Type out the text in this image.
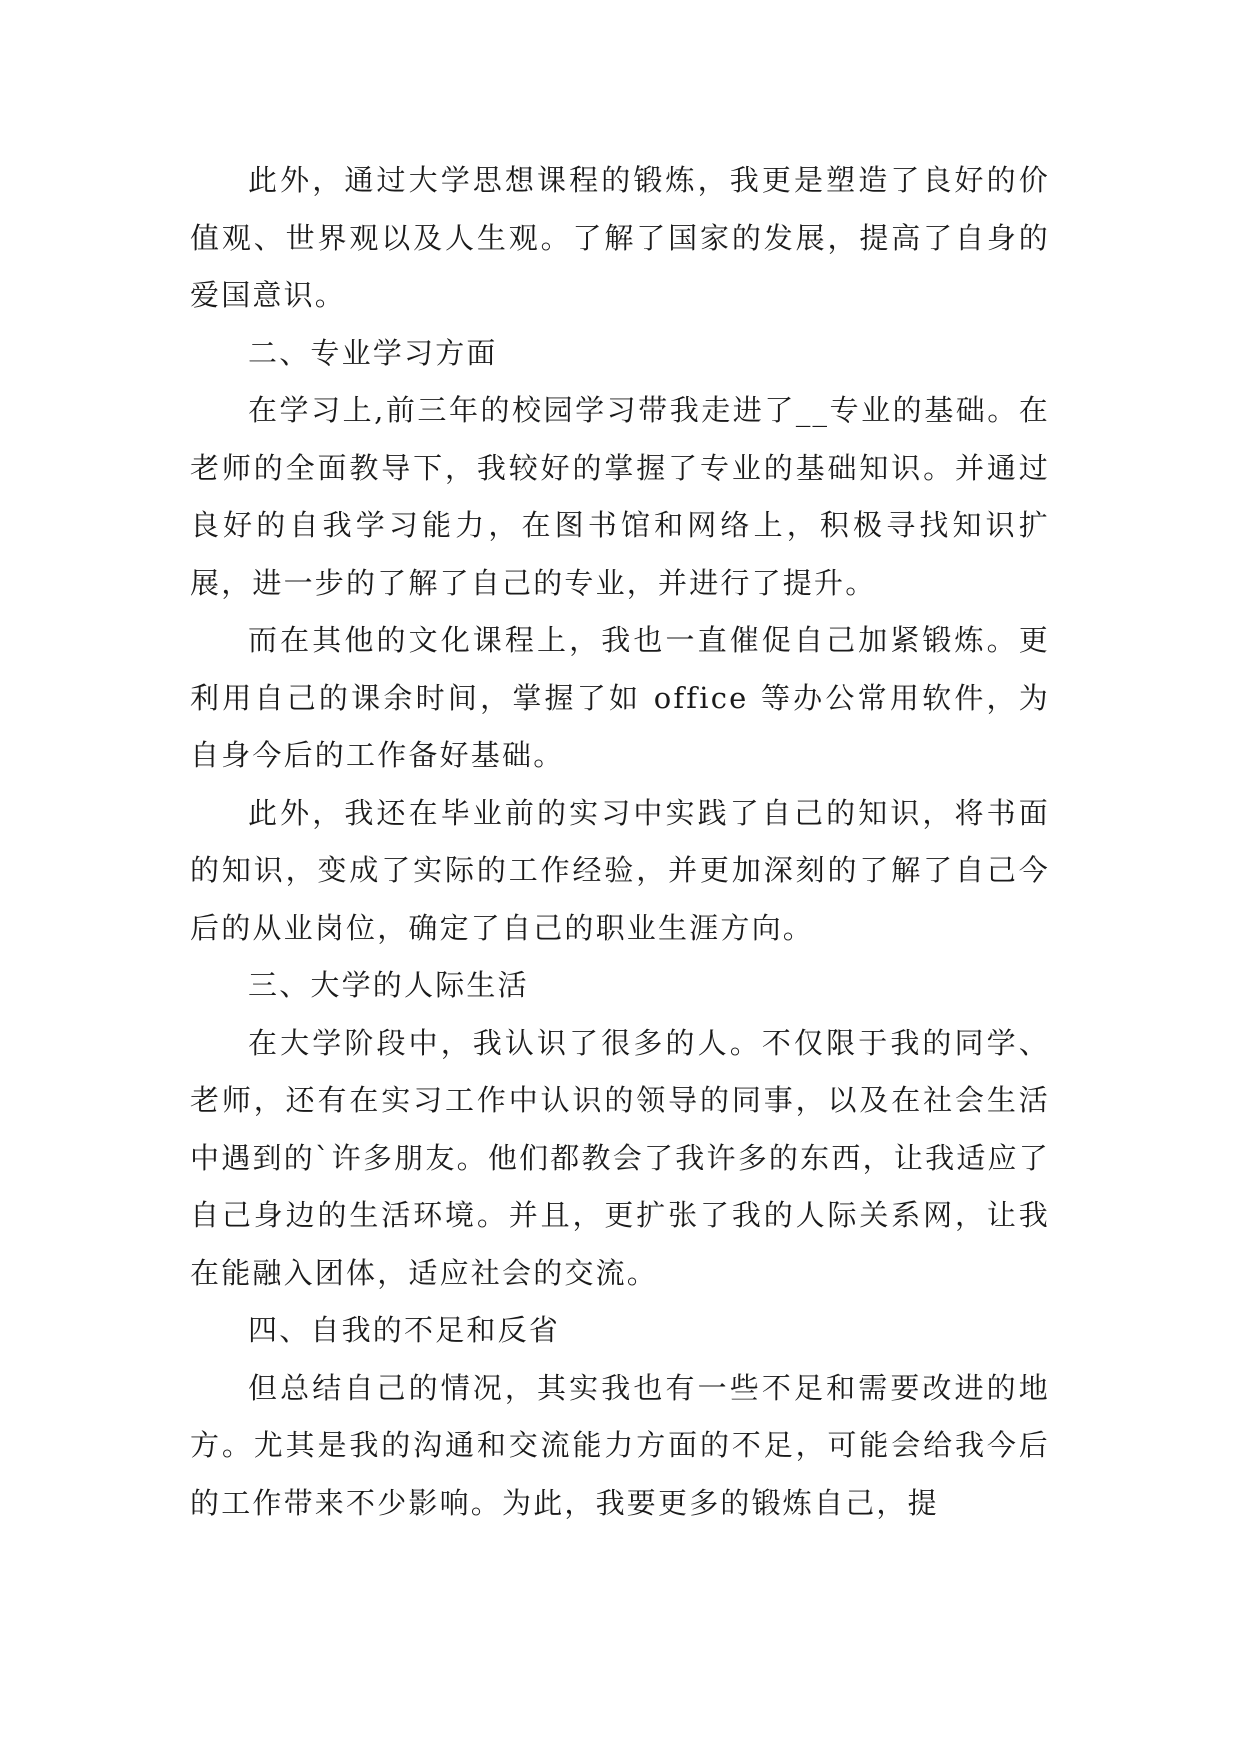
此外，通过大学思想课程的锻炼，我更是塑造了良好的价值观、世界观以及人生观。了解了国家的发展，提高了自身的爱国意识。

二、专业学习方面

在学习上,前三年的校园学习带我走进了__专业的基础。在老师的全面教导下，我较好的掌握了专业的基础知识。并通过良好的自我学习能力，在图书馆和网络上，积极寻找知识扩展，进一步的了解了自己的专业，并进行了提升。

而在其他的文化课程上，我也一直催促自己加紧锻炼。更利用自己的课余时间，掌握了如 office 等办公常用软件，为自身今后的工作备好基础。

此外，我还在毕业前的实习中实践了自己的知识，将书面的知识，变成了实际的工作经验，并更加深刻的了解了自己今后的从业岗位，确定了自己的职业生涯方向。

三、大学的人际生活

在大学阶段中，我认识了很多的人。不仅限于我的同学、老师，还有在实习工作中认识的领导的同事，以及在社会生活中遇到的`许多朋友。他们都教会了我许多的东西，让我适应了自己身边的生活环境。并且，更扩张了我的人际关系网，让我在能融入团体，适应社会的交流。

四、自我的不足和反省

但总结自己的情况，其实我也有一些不足和需要改进的地方。尤其是我的沟通和交流能力方面的不足，可能会给我今后的工作带来不少影响。为此，我要更多的锻炼自己，提
